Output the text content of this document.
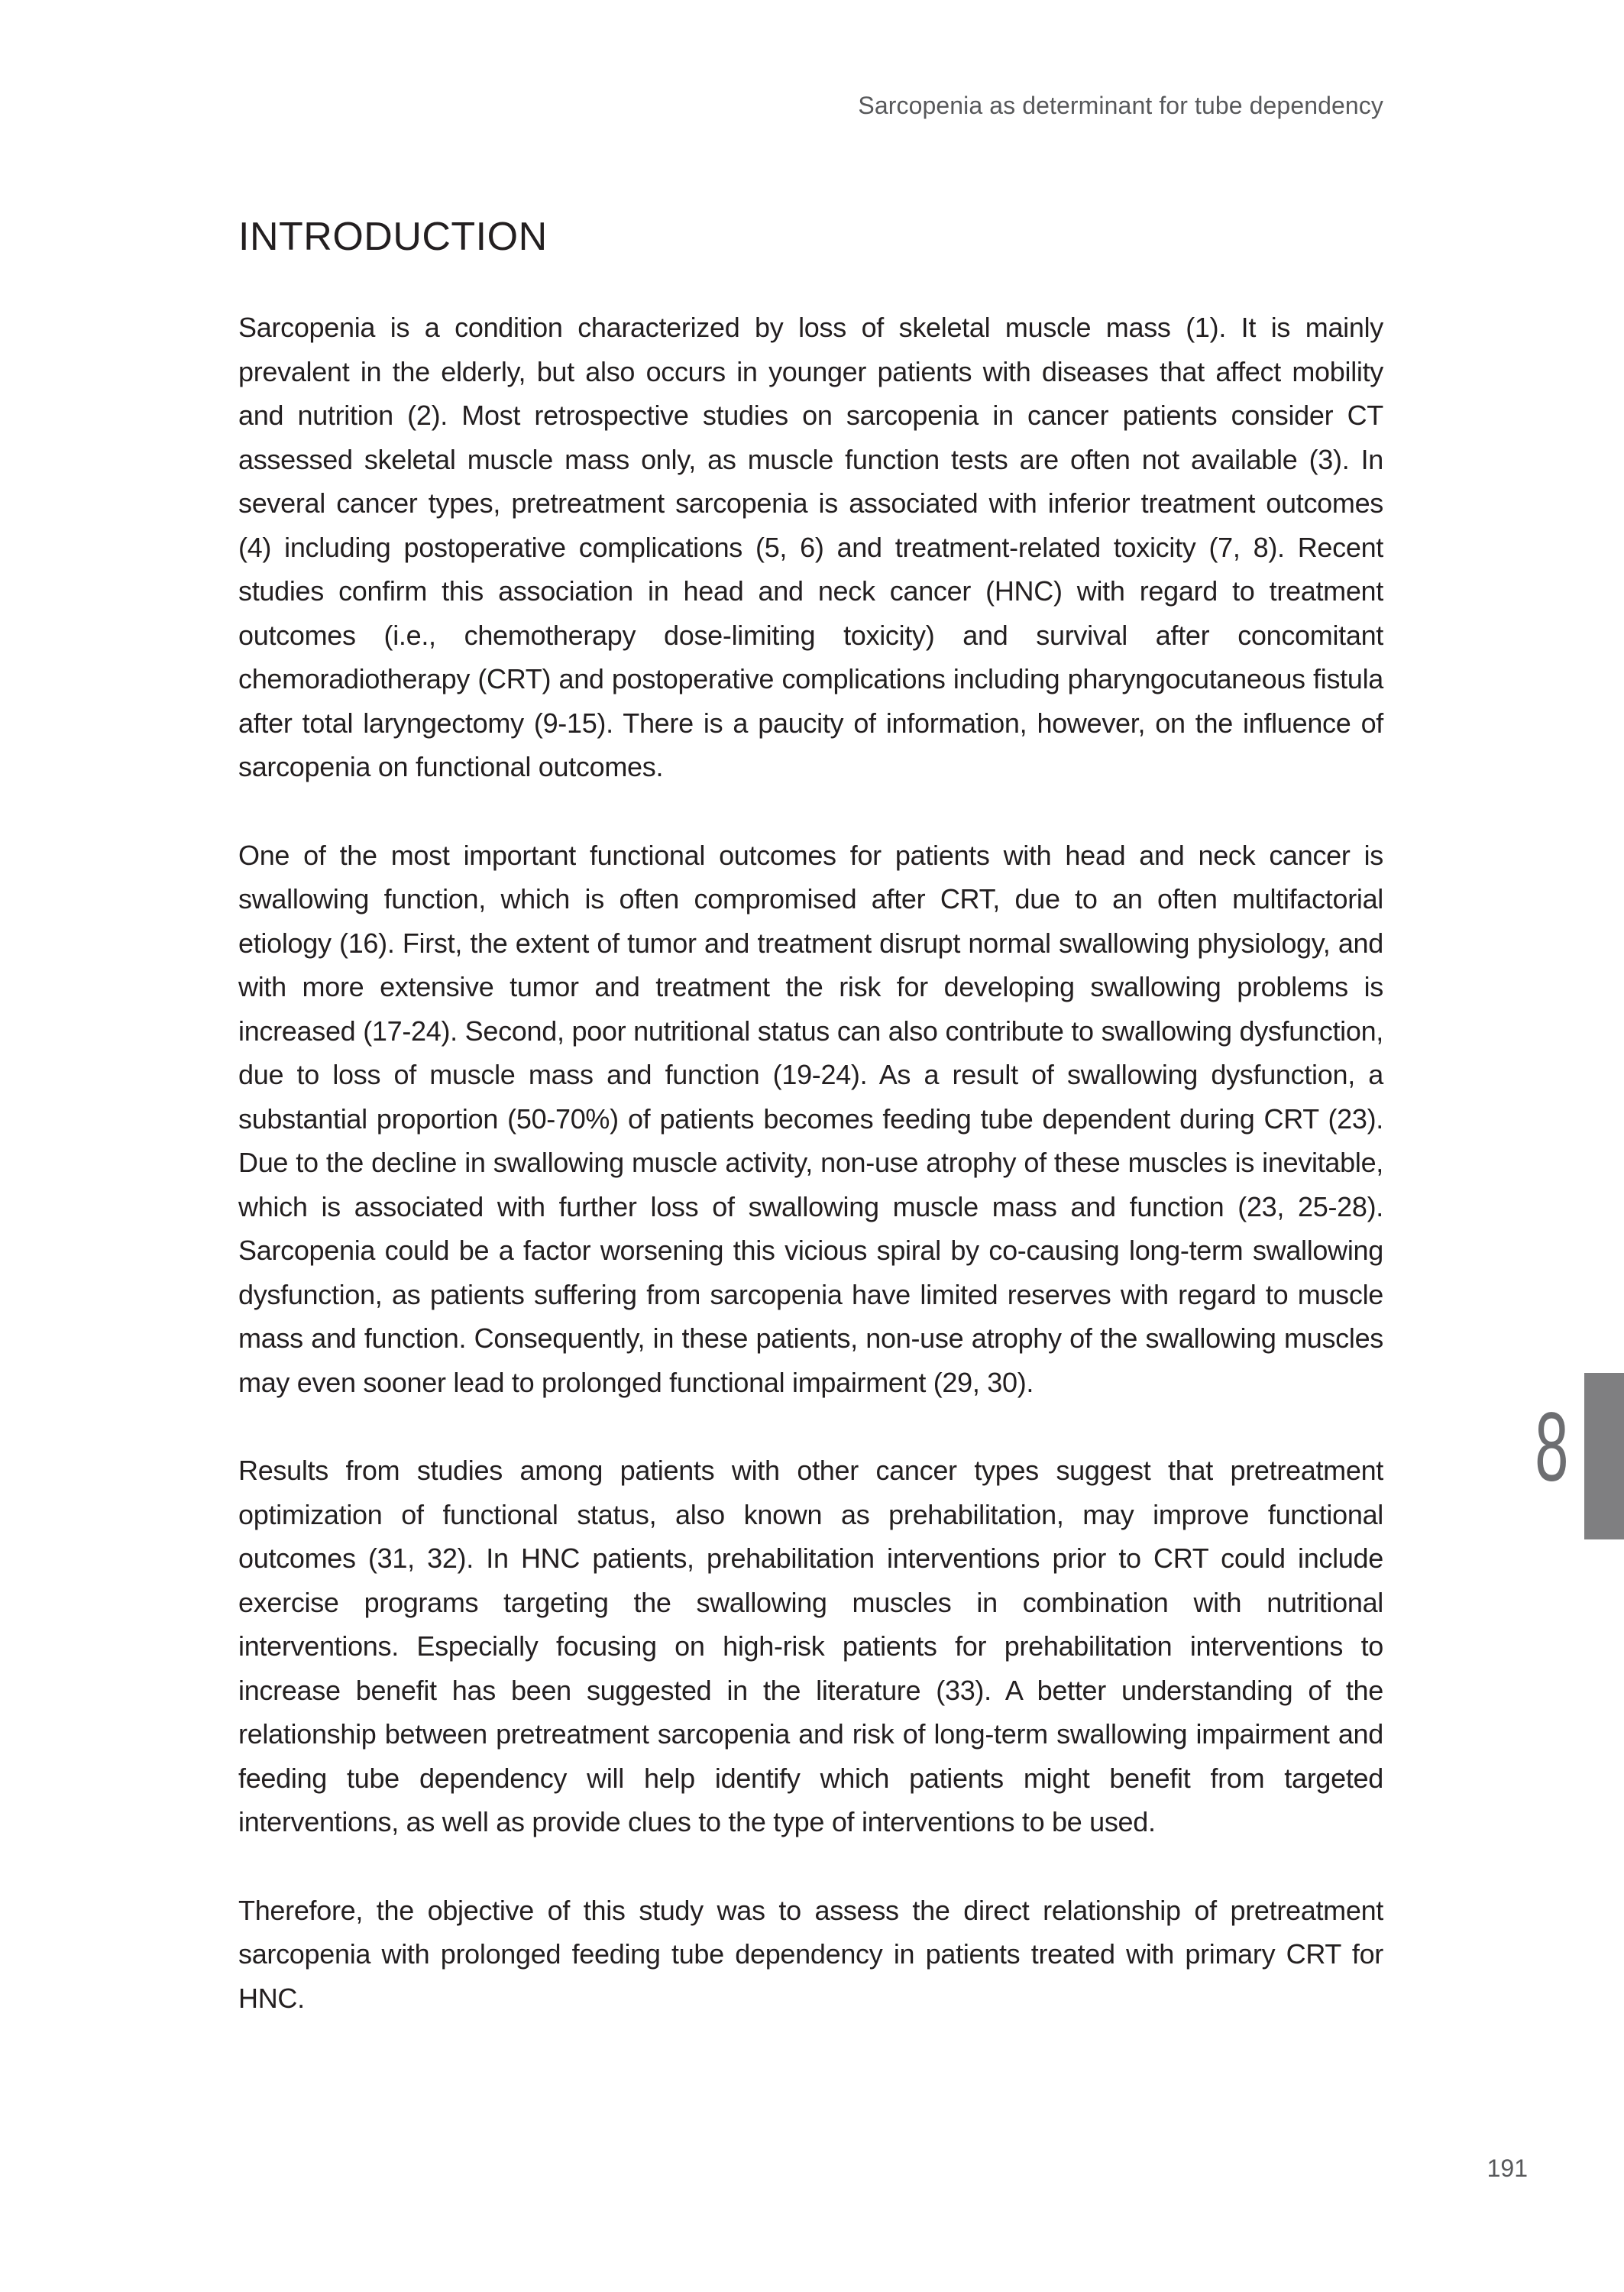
Sarcopenia as determinant for tube dependency
INTRODUCTION

Sarcopenia is a condition characterized by loss of skeletal muscle mass (1). It is mainly prevalent in the elderly, but also occurs in younger patients with diseases that affect mobility and nutrition (2). Most retrospective studies on sarcopenia in cancer patients consider CT assessed skeletal muscle mass only, as muscle function tests are often not available (3). In several cancer types, pretreatment sarcopenia is associated with inferior treatment outcomes (4) including postoperative complications (5, 6) and treatment-related toxicity (7, 8). Recent studies confirm this association in head and neck cancer (HNC) with regard to treatment outcomes (i.e., chemotherapy dose-limiting toxicity) and survival after concomitant chemoradiotherapy (CRT) and postoperative complications including pharyngocutaneous fistula after total laryngectomy (9-15). There is a paucity of information, however, on the influence of sarcopenia on functional outcomes.

One of the most important functional outcomes for patients with head and neck cancer is swallowing function, which is often compromised after CRT, due to an often multifactorial etiology (16). First, the extent of tumor and treatment disrupt normal swallowing physiology, and with more extensive tumor and treatment the risk for developing swallowing problems is increased (17-24). Second, poor nutritional status can also contribute to swallowing dysfunction, due to loss of muscle mass and function (19-24). As a result of swallowing dysfunction, a substantial proportion (50-70%) of patients becomes feeding tube dependent during CRT (23). Due to the decline in swallowing muscle activity, non-use atrophy of these muscles is inevitable, which is associated with further loss of swallowing muscle mass and function (23, 25-28). Sarcopenia could be a factor worsening this vicious spiral by co-causing long-term swallowing dysfunction, as patients suffering from sarcopenia have limited reserves with regard to muscle mass and function. Consequently, in these patients, non-use atrophy of the swallowing muscles may even sooner lead to prolonged functional impairment (29, 30).

Results from studies among patients with other cancer types suggest that pretreatment optimization of functional status, also known as prehabilitation, may improve functional outcomes (31, 32). In HNC patients, prehabilitation interventions prior to CRT could include exercise programs targeting the swallowing muscles in combination with nutritional interventions. Especially focusing on high-risk patients for prehabilitation interventions to increase benefit has been suggested in the literature (33). A better understanding of the relationship between pretreatment sarcopenia and risk of long-term swallowing impairment and feeding tube dependency will help identify which patients might benefit from targeted interventions, as well as provide clues to the type of interventions to be used.

Therefore, the objective of this study was to assess the direct relationship of pretreatment sarcopenia with prolonged feeding tube dependency in patients treated with primary CRT for HNC.

8
191
